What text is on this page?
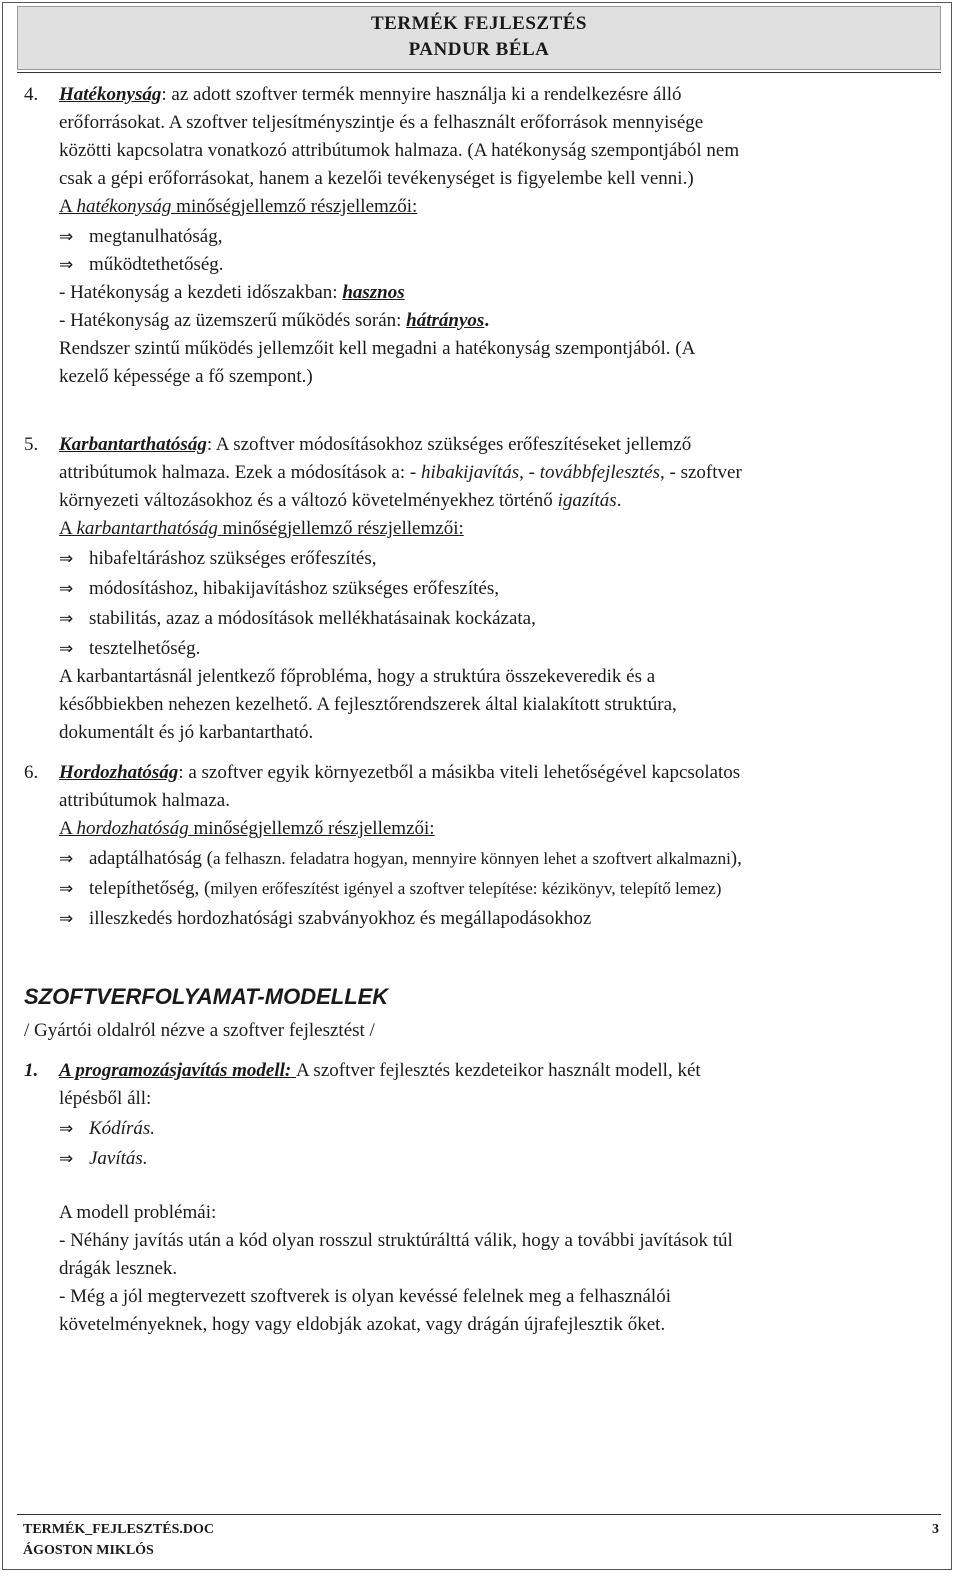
TERMÉK FEJLESZTÉS
PANDUR BÉLA
4. Hatékonyság: az adott szoftver termék mennyire használja ki a rendelkezésre álló
erőforrásokat. A szoftver teljesítményszintje és a felhasznált erőforrások mennyisége
közötti kapcsolatra vonatkozó attribútumok halmaza. (A hatékonyság szempontjából nem
csak a gépi erőforrásokat, hanem a kezelői tevékenységet is figyelembe kell venni.)
A hatékonyság minőségjellemző részjellemzői:
⇒ megtanulhatóság,
⇒ működtethetőség.
- Hatékonyság a kezdeti időszakban: hasznos
- Hatékonyság az üzemszerű működés során: hátrányos.
Rendszer szintű működés jellemzőit kell megadni a hatékonyság szempontjából. (A
kezelő képessége a fő szempont.)
5. Karbantarthatóság: A szoftver módosításokhoz szükséges erőfeszítéseket jellemző
attribútumok halmaza. Ezek a módosítások a: - hibakijavítás, - továbbfejlesztés, - szoftver
környezeti változásokhoz és a változó követelményekhez történő igazítás.
A karbantarthatóság minőségjellemző részjellemzői:
⇒ hibafeltáráshoz szükséges erőfeszítés,
⇒ módosításhoz, hibakijavításhoz szükséges erőfeszítés,
⇒ stabilitás, azaz a módosítások mellékhatásainak kockázata,
⇒ tesztelhetőség.
A karbantartásnál jelentkező főprobléma, hogy a struktúra összekeveredik és a
későbbiekben nehezen kezelhető. A fejlesztőrendszerek által kialakított struktúra,
dokumentált és jó karbantartható.
6. Hordozhatóság: a szoftver egyik környezetből a másikba viteli lehetőségével kapcsolatos
attribútumok halmaza.
A hordozhatóság minőségjellemző részjellemzői:
⇒ adaptálhatóság (a felhaszn. feladatra hogyan, mennyire könnyen lehet a szoftvert alkalmazni),
⇒ telepíthetőség, (milyen erőfeszítést igényel a szoftver telepítése: kézikönyv, telepítő lemez)
⇒ illeszkedés hordozhatósági szabványokhoz és megállapodásokhoz
SZOFTVERFOLYAMAT-MODELLEK
/ Gyártói oldalról nézve a szoftver fejlesztést /
1. A programozásjavítás modell: A szoftver fejlesztés kezdeteikor használt modell, két
lépésből áll:
⇒ Kódírás.
⇒ Javítás.
A modell problémái:
- Néhány javítás után a kód olyan rosszul struktúrálttá válik, hogy a további javítások túl
drágák lesznek.
- Még a jól megtervezett szoftverek is olyan kevéssé felelnek meg a felhasználói
követelményeknek, hogy vagy eldobják azokat, vagy drágán újrafejlesztik őket.
TERMÉK_FEJLESZTÉS.DOC
ÁGOSTON MIKLÓS
3
